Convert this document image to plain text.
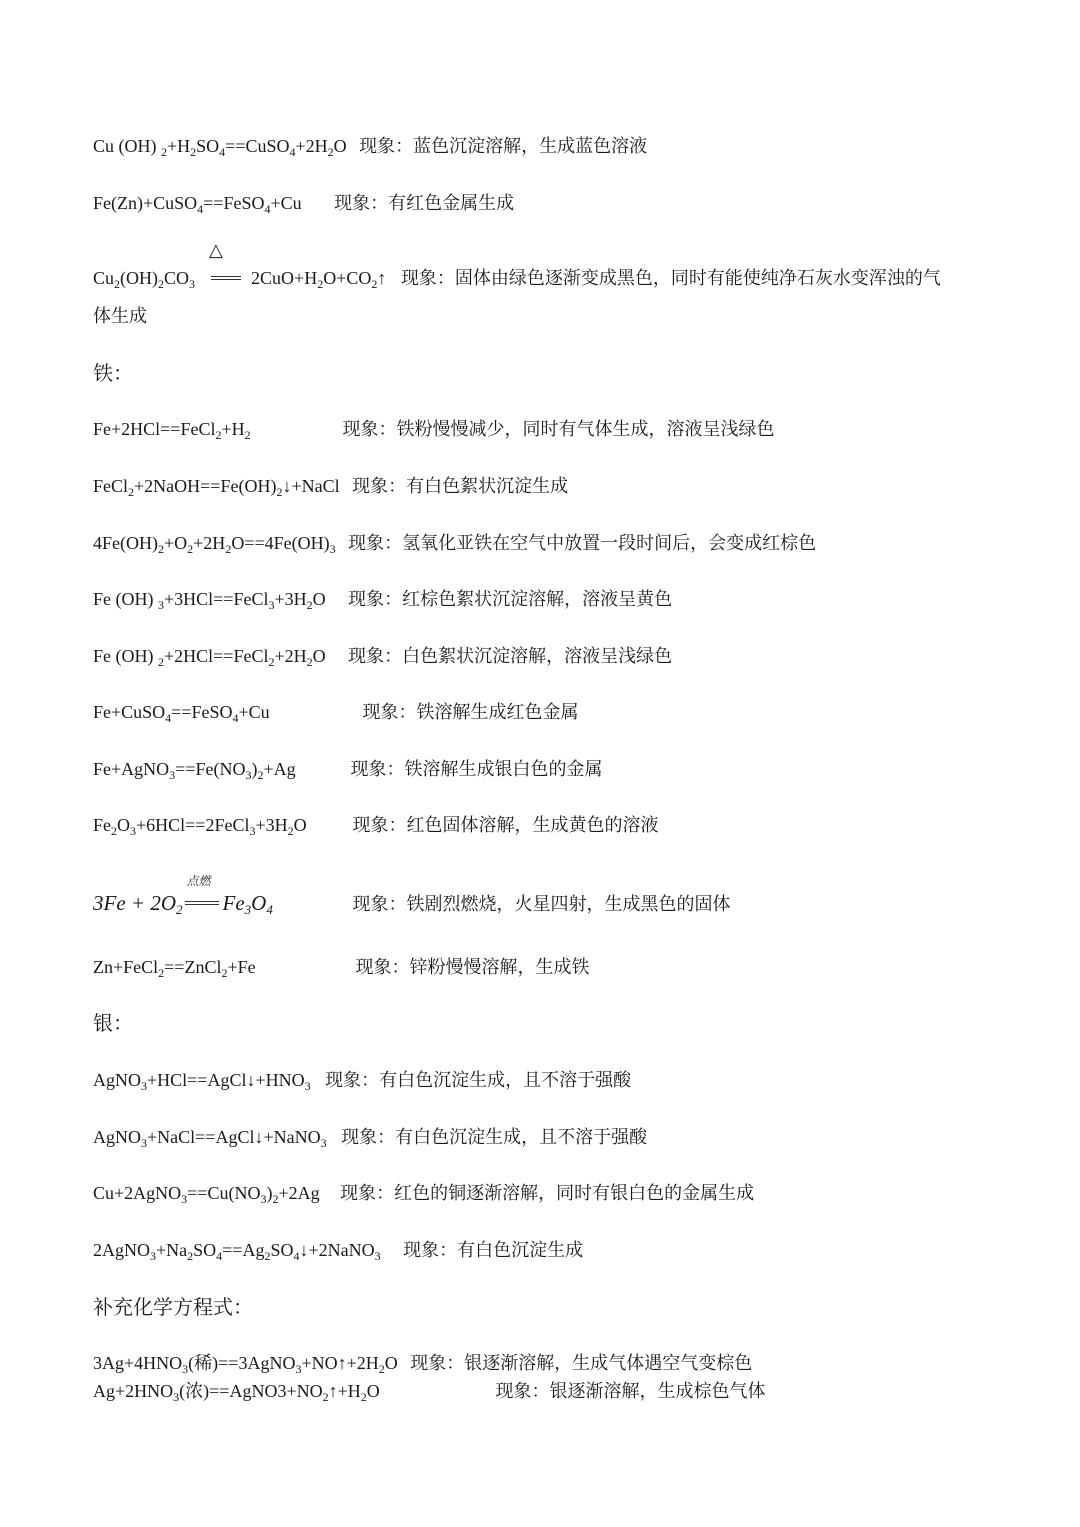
Cu (OH) $_2+H_2SO_4==CuSO_4+2H_2O$ 现象：蓝色沉淀溶解，生成蓝色溶液
Fe(Zn)+CuSO$_4$==FeSO$_4$+Cu 现象：有红色金属生成
$Cu_2(OH)_2CO_3$
△
$2CuO+H_2O+CO_2↑$ 现象：固体由绿色逐渐变成黑色，同时有能使纯净石灰水变浑浊的气
体生成
铁：
$Fe+2HCl==FeCl_2+H_2$	现象：铁粉慢慢减少，同时有气体生成，溶液呈浅绿色
$FeCl_2+2NaOH==Fe(OH)_2↓+NaCl$ 现象：有白色絮状沉淀生成
$4Fe(OH)_2+O_2+2H_2O==4Fe(OH)_3$ 现象：氢氧化亚铁在空气中放置一段时间后，会变成红棕色
Fe (OH) $_3+3HCl==FeCl_3+3H_2O$ 现象：红棕色絮状沉淀溶解，溶液呈黄色
Fe (OH) $_2+2HCl==FeCl_2+2H_2O$ 现象：白色絮状沉淀溶解，溶液呈浅绿色
Fe+CuSO$_4$==FeSO$_4$+Cu	现象：铁溶解生成红色金属
$Fe+AgNO_3==Fe(NO_3)_2+Ag$	现象：铁溶解生成银白色的金属
$Fe_2O_3+6HCl==2FeCl_3+3H_2O$	现象：红色固体溶解，生成黄色的溶液
$3Fe + 2O_2$
点燃
$Fe_3O_4$	现象：铁剧烈燃烧，火星四射，生成黑色的固体
Zn+FeCl$_2$==ZnCl$_2$+Fe	现象：锌粉慢慢溶解，生成铁
银：
$AgNO_3+HCl==AgCl↓+HNO_3$ 现象：有白色沉淀生成，且不溶于强酸
AgNO$_3$+NaCl==AgCl↓+NaNO$_3$ 现象：有白色沉淀生成，且不溶于强酸
$Cu+2AgNO_3==Cu(NO_3)_2+2Ag$ 现象：红色的铜逐渐溶解，同时有银白色的金属生成
$2AgNO_3+Na_2SO_4==Ag_2SO_4↓+2NaNO_3$ 现象：有白色沉淀生成
补充化学方程式：
$3Ag+4HNO_3$(稀)$==3AgNO_3+NO↑+2H_2O$ 现象：银逐渐溶解，生成气体遇空气变棕色
$Ag+2HNO_3$(浓)$==AgNO3+NO_2↑+H_2O$	现象：银逐渐溶解，生成棕色气体
